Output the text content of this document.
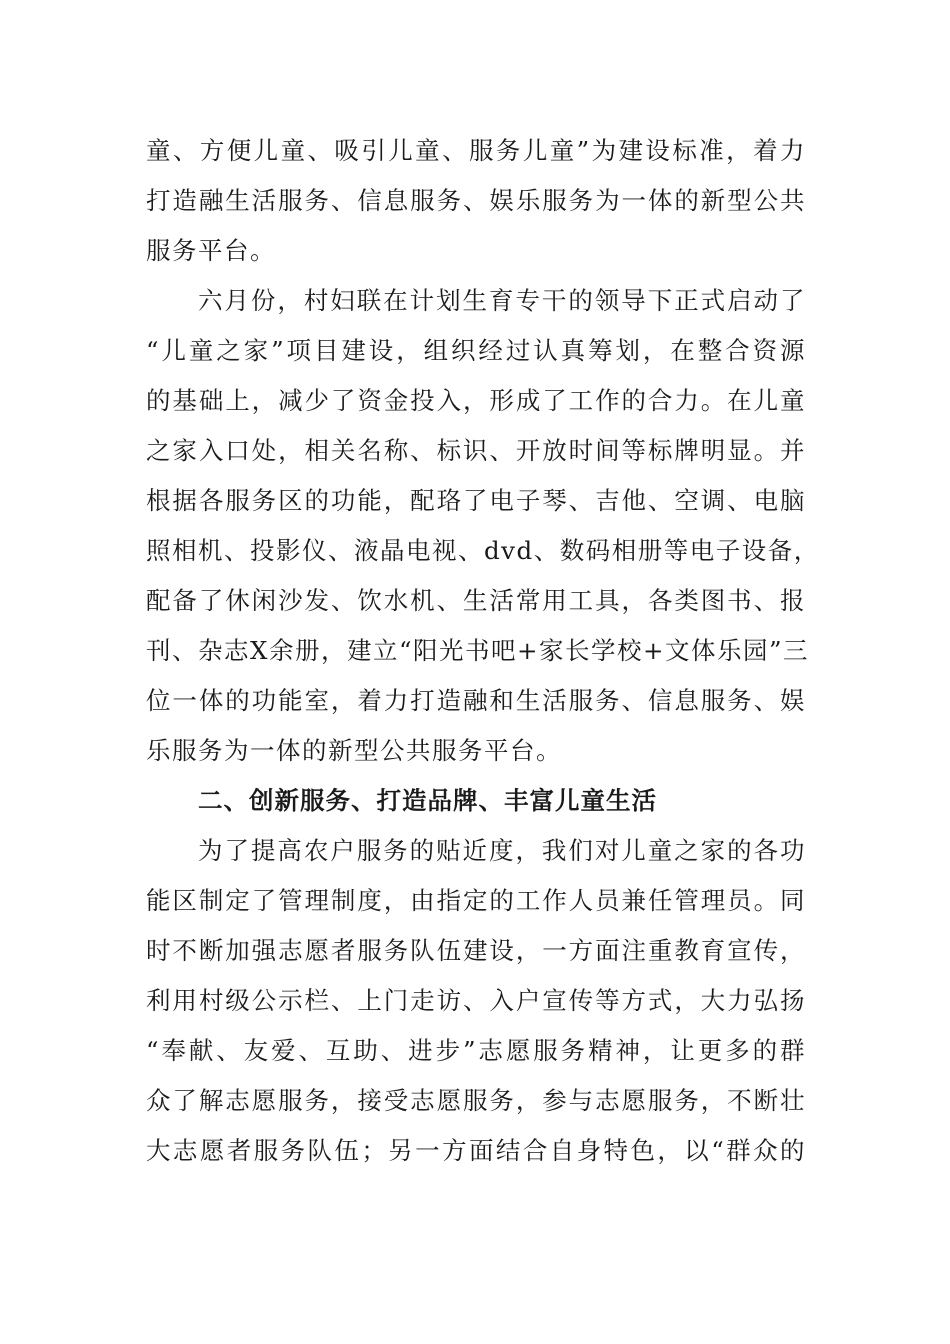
童、方便儿童、吸引儿童、服务儿童”为建设标准，着力
打造融生活服务、信息服务、娱乐服务为一体的新型公共
服务平台。
六月份，村妇联在计划生育专干的领导下正式启动了
“儿童之家”项目建设，组织经过认真筹划，在整合资源
的基础上，减少了资金投入，形成了工作的合力。在儿童
之家入口处，相关名称、标识、开放时间等标牌明显。并
根据各服务区的功能，配珞了电子琴、吉他、空调、电脑
照相机、投影仪、液晶电视、dvd、数码相册等电子设备，
配备了休闲沙发、饮水机、生活常用工具，各类图书、报
刊、杂志X余册，建立“阳光书吧+家长学校+文体乐园”三
位一体的功能室，着力打造融和生活服务、信息服务、娱
乐服务为一体的新型公共服务平台。
二、创新服务、打造品牌、丰富儿童生活
为了提高农户服务的贴近度，我们对儿童之家的各功
能区制定了管理制度，由指定的工作人员兼任管理员。同
时不断加强志愿者服务队伍建设，一方面注重教育宣传，
利用村级公示栏、上门走访、入户宣传等方式，大力弘扬
“奉献、友爱、互助、进步”志愿服务精神，让更多的群
众了解志愿服务，接受志愿服务，参与志愿服务，不断壮
大志愿者服务队伍；另一方面结合自身特色，以“群众的
